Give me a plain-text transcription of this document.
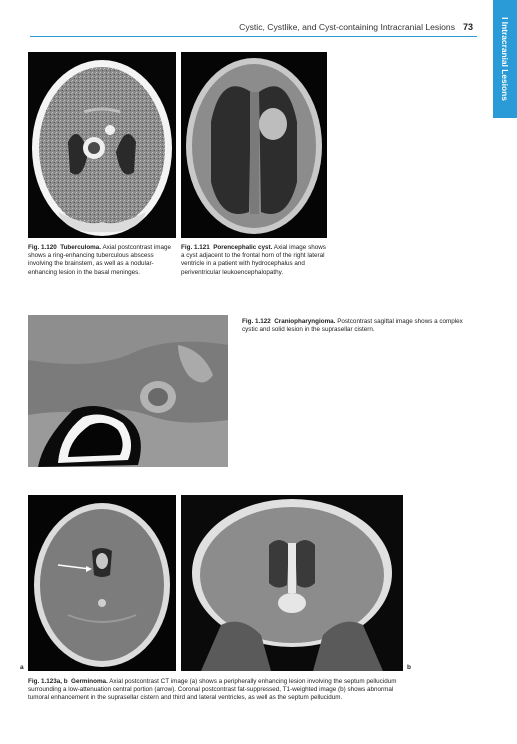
Cystic, Cystlike, and Cyst-containing Intracranial Lesions 73	I Intracranial Lesions
Fig. 1.120 Tuberculoma. Axial postcontrast image shows a ring-enhancing tuberculous abscess involving the brainstem, as well as a nodular-enhancing lesion in the basal meninges.
Fig. 1.121 Porencephalic cyst. Axial image shows a cyst adjacent to the frontal horn of the right lateral ventricle in a patient with hydrocephalus and periventricular leukoencephalopathy.
Fig. 1.122 Craniopharyngioma. Postcontrast sagittal image shows a complex cystic and solid lesion in the suprasellar cistern.
a	b
Fig. 1.123a, b Germinoma. Axial postcontrast CT image (a) shows a peripherally enhancing lesion involving the septum pellucidum surrounding a low-attenuation central portion (arrow). Coronal postcontrast fat-suppressed, T1-weighted image (b) shows abnormal tumoral enhancement in the suprasellar cistern and third and lateral ventricles, as well as the septum pellucidum.
